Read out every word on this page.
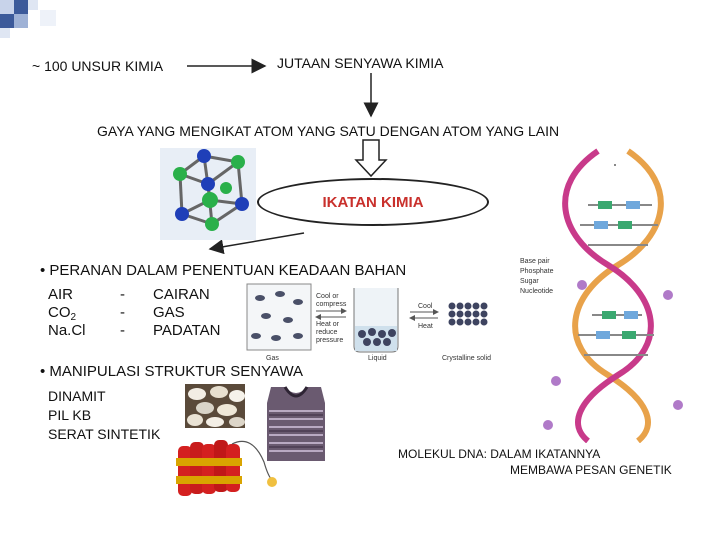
~ 100 UNSUR KIMIA	JUTAAN SENYAWA KIMIA
GAYA YANG MENGIKAT ATOM YANG SATU DENGAN ATOM YANG LAIN
IKATAN KIMIA
• PERANAN DALAM PENENTUAN KEADAAN BAHAN
AIR	- CAIRAN
$CO_2$	- GAS
Na.Cl - PADATAN
Cool or
compress
Heat or
reduce
pressure
Cool
Heat
Gas	Liquid	Crystalline solid
• MANIPULASI STRUKTUR SENYAWA
DINAMIT
PIL KB
SERAT SINTETIK
Base pair
Phosphate
Sugar
Nucleotide
MOLEKUL DNA: DALAM IKATANNYA
MEMBAWA PESAN GENETIK
